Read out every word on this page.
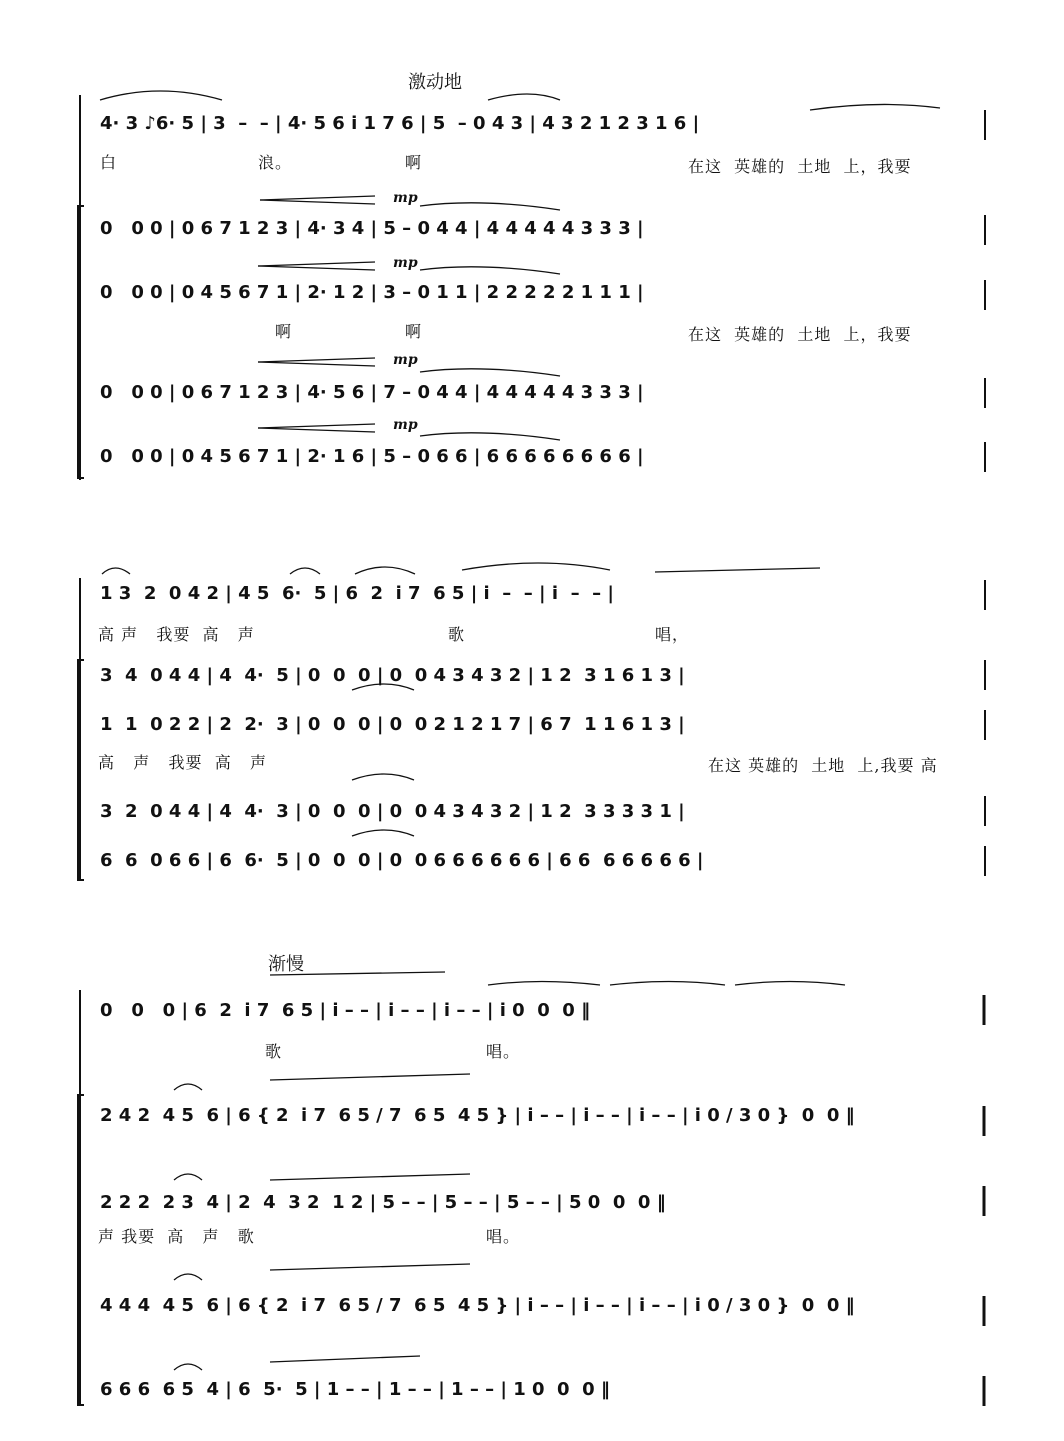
激动地
mp
mp
mp
mp
4· 3 ♪6· 5 | 3  –  – | 4· 5 6 i 1 7 6 | 5  – 0 4 3 | 4 3 2 1 2 3 1 6 |
白	浪。	啊	在这  英雄的  土地  上，我要
0   0 0 | 0 6 7 1 2 3 | 4· 3 4 | 5 – 0 4 4 | 4 4 4 4 4 3 3 3 |
0   0 0 | 0 4 5 6 7 1 | 2· 1 2 | 3 – 0 1 1 | 2 2 2 2 2 1 1 1 |
啊	啊	在这  英雄的  土地  上，我要
0   0 0 | 0 6 7 1 2 3 | 4· 5 6 | 7 – 0 4 4 | 4 4 4 4 4 3 3 3 |
0   0 0 | 0 4 5 6 7 1 | 2· 1 6 | 5 – 0 6 6 | 6 6 6 6 6 6 6 6 |
1 3  2  0 4 2 | 4 5  6·  5 | 6  2  i 7  6 5 | i  –  – | i  –  – |
高 声   我要  高   声	歌	唱，
3  4  0 4 4 | 4  4·  5 | 0  0  0 | 0  0 4 3 4 3 2 | 1 2  3 1 6 1 3 |
1  1  0 2 2 | 2  2·  3 | 0  0  0 | 0  0 2 1 2 1 7 | 6 7  1 1 6 1 3 |
高   声   我要  高   声	在这 英雄的  土地  上,我要 高
3  2  0 4 4 | 4  4·  3 | 0  0  0 | 0  0 4 3 4 3 2 | 1 2  3 3 3 3 1 |
6  6  0 6 6 | 6  6·  5 | 0  0  0 | 0  0 6 6 6 6 6 6 | 6 6  6 6 6 6 6 |
渐慢
0   0   0 | 6  2  i 7  6 5 | i – – | i – – | i – – | i 0  0  0 ‖
歌	唱。
2 4 2  4 5  6 | 6 { 2  i 7  6 5 / 7  6 5  4 5 } | i – – | i – – | i – – | i 0 / 3 0 }  0  0 ‖
2 2 2  2 3  4 | 2  4  3 2  1 2 | 5 – – | 5 – – | 5 – – | 5 0  0  0 ‖
声 我要  高   声   歌	唱。
4 4 4  4 5  6 | 6 { 2  i 7  6 5 / 7  6 5  4 5 } | i – – | i – – | i – – | i 0 / 3 0 }  0  0 ‖
6 6 6  6 5  4 | 6  5·  5 | 1 – – | 1 – – | 1 – – | 1 0  0  0 ‖
